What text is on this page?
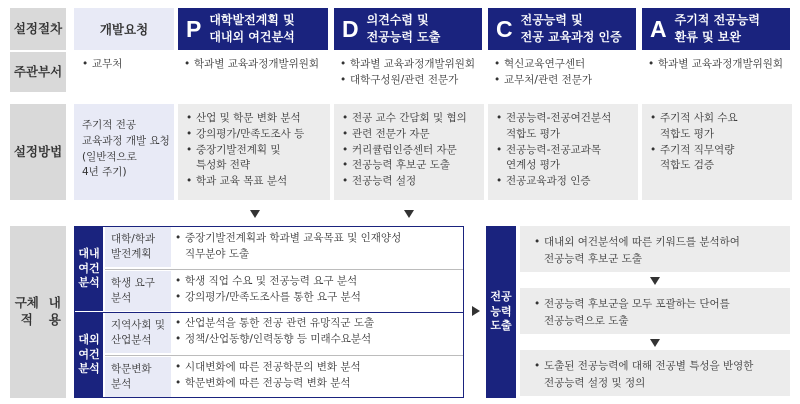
설정 절차
주관 부서
설정 방법
구체적
내용
개발요청 P 대학발전계획 및
대내외 여건분석 D 의견수렴 및
전공능력 도출 C 전공능력 및
전공 교육과정 인증 A 주기적 전공능력
환류 및 보완
• 교무처	• 학과별 교육과정개발위원회	• 학과별 교육과정개발위원회
• 대학구성원/관련 전문가
• 혁신교육연구센터
• 교무처/관련 전문가
• 학과별 교육과정개발위원회
주기적 전공
교육과정 개발 요청
(일반적으로
4년 주기)
• 산업 및 학문 변화 분석
• 강의평가/만족도조사 등
• 중장기발전계획 및
특성화 전략
• 학과 교육 목표 분석
• 전공 교수 간담회 및 협의
• 관련 전문가 자문
• 커리큘럼인증센터 자문
• 전공능력 후보군 도출
• 전공능력 설정
• 전공능력-전공여건분석
적합도 평가
• 전공능력-전공교과목
연계성 평가
• 전공교육과정 인증
• 주기적 사회 수요
적합도 평가
• 주기적 직무역량
적합도 검증
대내
여건
분석
대외
여건
분석
대학/학과
발전계획
• 중장기발전계획과 학과별 교육목표 및 인재양성
직무분야 도출
학생 요구
분석
• 학생 직업 수요 및 전공능력 요구 분석
• 강의평가/만족도조사를 통한 요구 분석
지역사회 및
산업분석
• 산업분석을 통한 전공 관련 유망직군 도출
• 정책/산업동향/인력동향 등 미래수요분석
학문변화
분석
• 시대변화에 따른 전공학문의 변화 분석
• 학문변화에 따른 전공능력 변화 분석
전공
능력
도출
• 대내외 여건분석에 따른 키워드를 분석하여
전공능력 후보군 도출
• 전공능력 후보군을 모두 포괄하는 단어를
전공능력으로 도출
• 도출된 전공능력에 대해 전공별 특성을 반영한
전공능력 설정 및 정의
